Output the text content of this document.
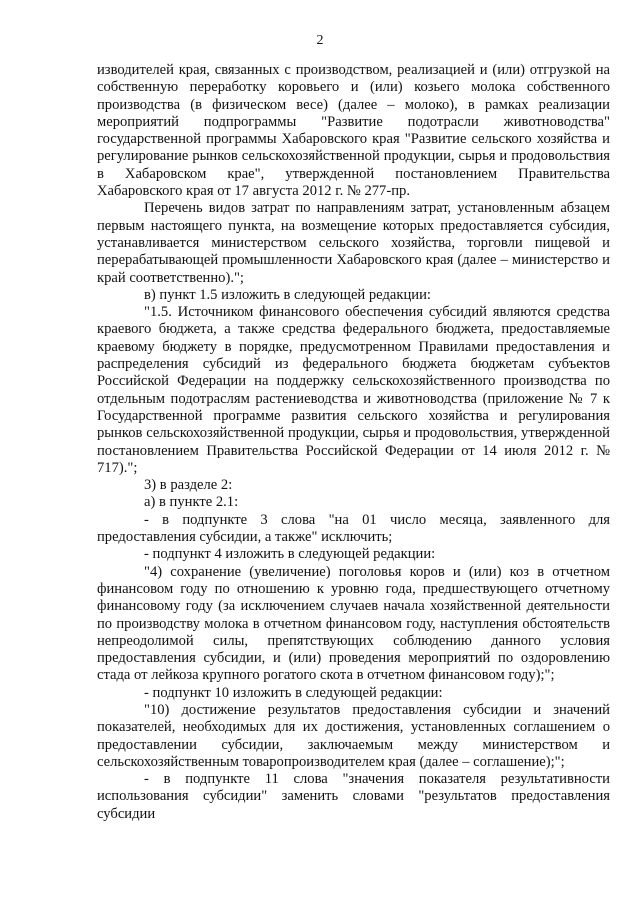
2

изводителей края, связанных с производством, реализацией и (или) отгрузкой на собственную переработку коровьего и (или) козьего молока собственного производства (в физическом весе) (далее – молоко), в рамках реализации мероприятий подпрограммы "Развитие подотрасли животноводства" государственной программы Хабаровского края "Развитие сельского хозяйства и регулирование рынков сельскохозяйственной продукции, сырья и продовольствия в Хабаровском крае", утвержденной постановлением Правительства Хабаровского края от 17 августа 2012 г. № 277-пр.

Перечень видов затрат по направлениям затрат, установленным абзацем первым настоящего пункта, на возмещение которых предоставляется субсидия, устанавливается министерством сельского хозяйства, торговли пищевой и перерабатывающей промышленности Хабаровского края (далее – министерство и край соответственно).";

в) пункт 1.5 изложить в следующей редакции:

"1.5. Источником финансового обеспечения субсидий являются средства краевого бюджета, а также средства федерального бюджета, предоставляемые краевому бюджету в порядке, предусмотренном Правилами предоставления и распределения субсидий из федерального бюджета бюджетам субъектов Российской Федерации на поддержку сельскохозяйственного производства по отдельным подотраслям растениеводства и животноводства (приложение № 7 к Государственной программе развития сельского хозяйства и регулирования рынков сельскохозяйственной продукции, сырья и продовольствия, утвержденной постановлением Правительства Российской Федерации от 14 июля 2012 г. № 717).";

3) в разделе 2:

а) в пункте 2.1:

- в подпункте 3 слова "на 01 число месяца, заявленного для предоставления субсидии, а также" исключить;

- подпункт 4 изложить в следующей редакции:

"4) сохранение (увеличение) поголовья коров и (или) коз в отчетном финансовом году по отношению к уровню года, предшествующего отчетному финансовому году (за исключением случаев начала хозяйственной деятельности по производству молока в отчетном финансовом году, наступления обстоятельств непреодолимой силы, препятствующих соблюдению данного условия предоставления субсидии, и (или) проведения мероприятий по оздоровлению стада от лейкоза крупного рогатого скота в отчетном финансовом году);";

- подпункт 10 изложить в следующей редакции:

"10) достижение результатов предоставления субсидии и значений показателей, необходимых для их достижения, установленных соглашением о предоставлении субсидии, заключаемым между министерством и сельскохозяйственным товаропроизводителем края (далее – соглашение);";

- в подпункте 11 слова "значения показателя результативности использования субсидии" заменить словами "результатов предоставления субсидии
